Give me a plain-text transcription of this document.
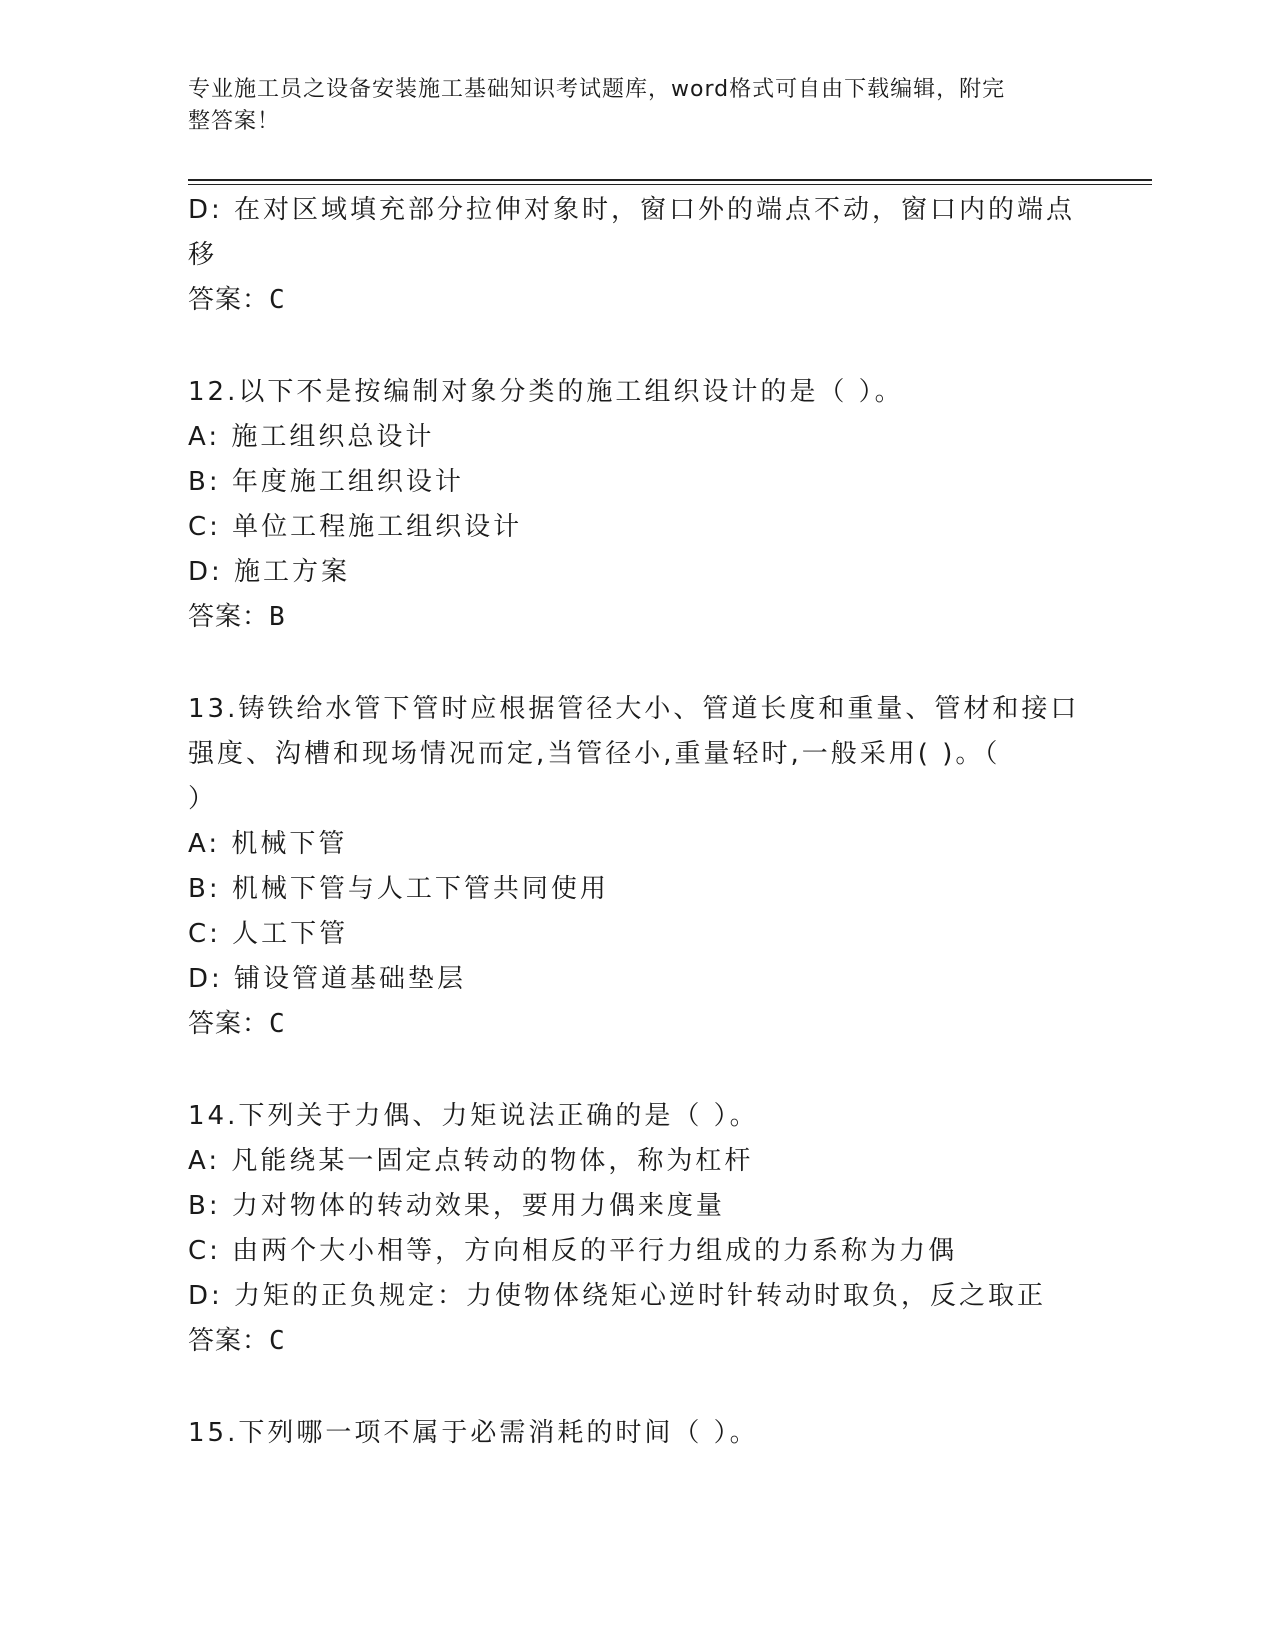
专业施工员之设备安装施工基础知识考试题库，word格式可自由下载编辑，附完
整答案！
D: 在对区域填充部分拉伸对象时，窗口外的端点不动，窗口内的端点
移
答案：C
12.以下不是按编制对象分类的施工组织设计的是（ ）。
A: 施工组织总设计
B: 年度施工组织设计
C: 单位工程施工组织设计
D: 施工方案
答案：B
13.铸铁给水管下管时应根据管径大小、管道长度和重量、管材和接口
强度、沟槽和现场情况而定,当管径小,重量轻时,一般采用( )。（
）
A: 机械下管
B: 机械下管与人工下管共同使用
C: 人工下管
D: 铺设管道基础垫层
答案：C
14.下列关于力偶、力矩说法正确的是（ ）。
A: 凡能绕某一固定点转动的物体，称为杠杆
B: 力对物体的转动效果，要用力偶来度量
C: 由两个大小相等，方向相反的平行力组成的力系称为力偶
D: 力矩的正负规定：力使物体绕矩心逆时针转动时取负，反之取正
答案：C
15.下列哪一项不属于必需消耗的时间（ ）。
